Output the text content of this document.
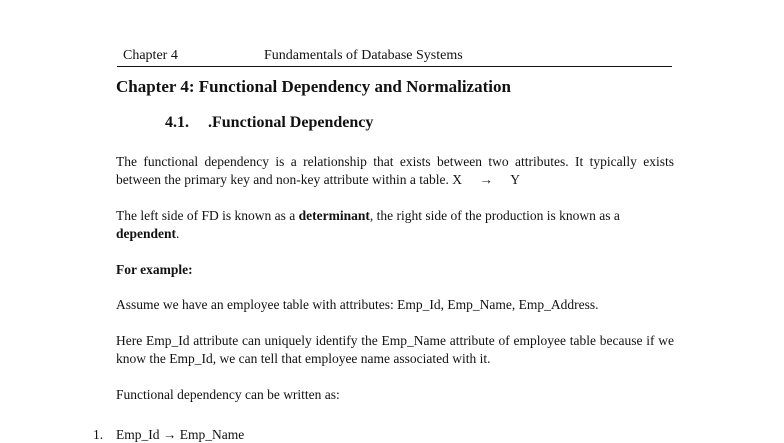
Chapter 4	Fundamentals of Database Systems
Chapter 4: Functional Dependency and Normalization
4.1. .Functional Dependency
The functional dependency is a relationship that exists between two attributes. It typically exists between the primary key and non-key attribute within a table. X → Y
The left side of FD is known as a determinant, the right side of the production is known as a dependent.
For example:
Assume we have an employee table with attributes: Emp_Id, Emp_Name, Emp_Address.
Here Emp_Id attribute can uniquely identify the Emp_Name attribute of employee table because if we know the Emp_Id, we can tell that employee name associated with it.
Functional dependency can be written as:
1. Emp_Id → Emp_Name
